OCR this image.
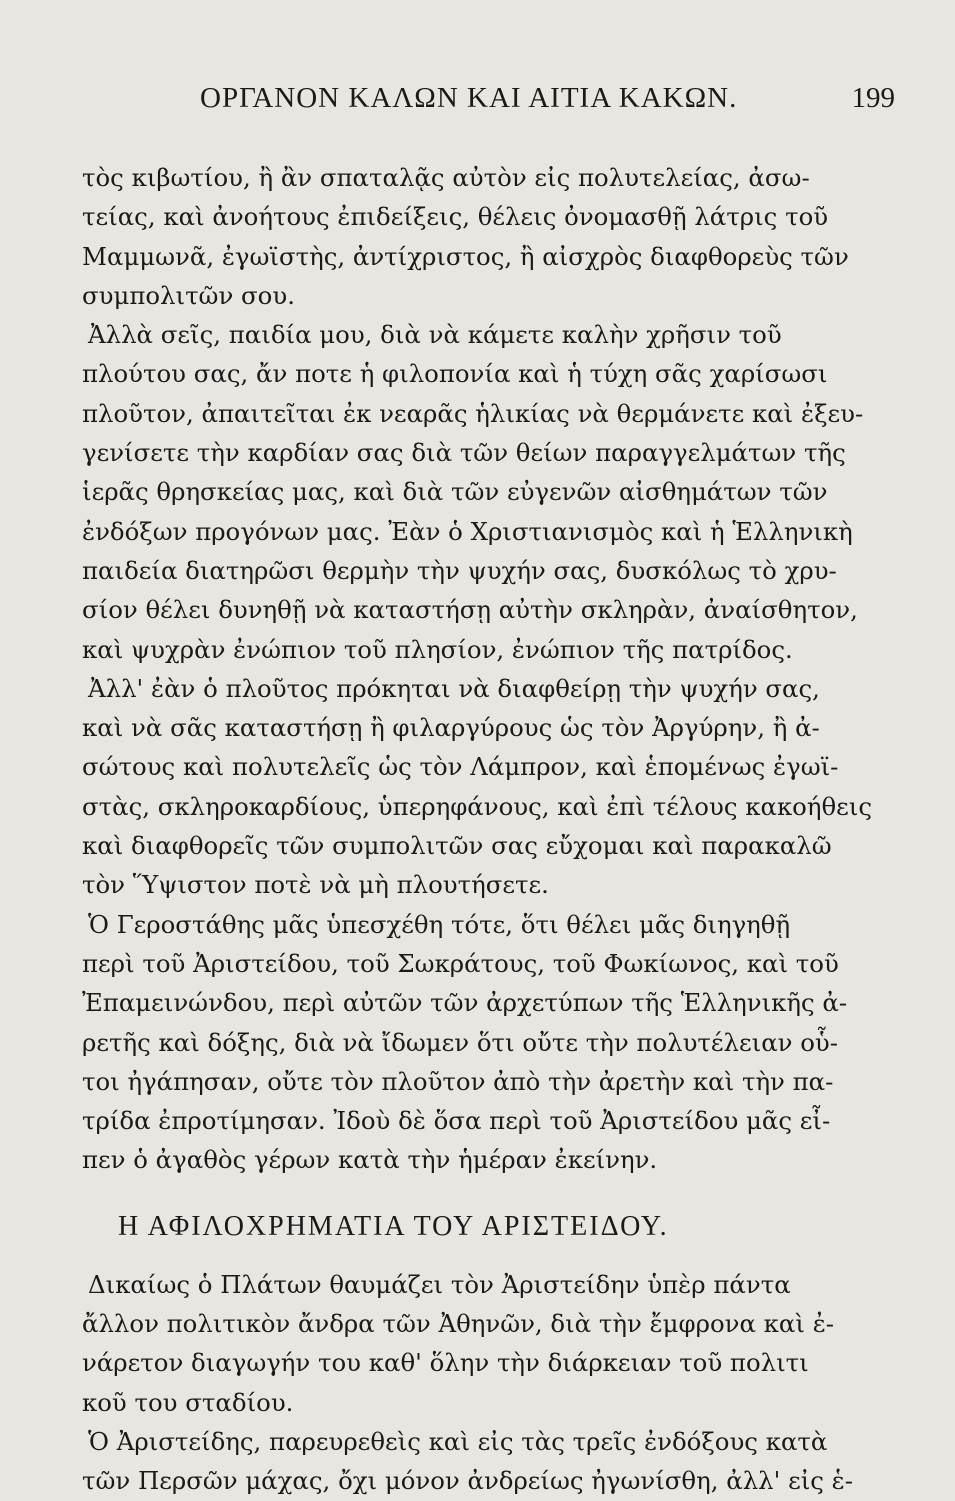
ΟΡΓΑΝΟΝ ΚΑΛΩΝ ΚΑΙ ΑΙΤΙΑ ΚΑΚΩΝ.	199
τὸς κιβωτίου, ἢ ἂν σπαταλᾷς αὐτὸν εἰς πολυτελείας, ἀσω-
τείας, καὶ ἀνοήτους ἐπιδείξεις, θέλεις ὀνομασθῇ λάτρις τοῦ
Μαμμωνᾶ, ἐγωϊστὴς, ἀντίχριστος, ἢ αἰσχρὸς διαφθορεὺς τῶν
συμπολιτῶν σου.
Ἀλλὰ σεῖς, παιδία μου, διὰ νὰ κάμετε καλὴν χρῆσιν τοῦ
πλούτου σας, ἄν ποτε ἡ φιλοπονία καὶ ἡ τύχη σᾶς χαρίσωσι
πλοῦτον, ἀπαιτεῖται ἐκ νεαρᾶς ἡλικίας νὰ θερμάνετε καὶ ἐξευ-
γενίσετε τὴν καρδίαν σας διὰ τῶν θείων παραγγελμάτων τῆς
ἱερᾶς θρησκείας μας, καὶ διὰ τῶν εὐγενῶν αἰσθημάτων τῶν
ἐνδόξων προγόνων μας. Ἐὰν ὁ Χριστιανισμὸς καὶ ἡ Ἑλληνικὴ
παιδεία διατηρῶσι θερμὴν τὴν ψυχήν σας, δυσκόλως τὸ χρυ-
σίον θέλει δυνηθῇ νὰ καταστήσῃ αὐτὴν σκληρὰν, ἀναίσθητον,
καὶ ψυχρὰν ἐνώπιον τοῦ πλησίον, ἐνώπιον τῆς πατρίδος.
Ἀλλ' ἐὰν ὁ πλοῦτος πρόκηται νὰ διαφθείρῃ τὴν ψυχήν σας,
καὶ νὰ σᾶς καταστήσῃ ἢ φιλαργύρους ὡς τὸν Ἀργύρην, ἢ ἀ-
σώτους καὶ πολυτελεῖς ὡς τὸν Λάμπρον, καὶ ἑπομένως ἐγωϊ-
στὰς, σκληροκαρδίους, ὑπερηφάνους, καὶ ἐπὶ τέλους κακοήθεις
καὶ διαφθορεῖς τῶν συμπολιτῶν σας εὔχομαι καὶ παρακαλῶ
τὸν Ὕψιστον ποτὲ νὰ μὴ πλουτήσετε.
Ὁ Γεροστάθης μᾶς ὑπεσχέθη τότε, ὅτι θέλει μᾶς διηγηθῇ
περὶ τοῦ Ἀριστείδου, τοῦ Σωκράτους, τοῦ Φωκίωνος, καὶ τοῦ
Ἐπαμεινώνδου, περὶ αὐτῶν τῶν ἀρχετύπων τῆς Ἑλληνικῆς ἀ-
ρετῆς καὶ δόξης, διὰ νὰ ἴδωμεν ὅτι οὔτε τὴν πολυτέλειαν οὗ-
τοι ἠγάπησαν, οὔτε τὸν πλοῦτον ἀπὸ τὴν ἀρετὴν καὶ τὴν πα-
τρίδα ἐπροτίμησαν. Ἰδοὺ δὲ ὅσα περὶ τοῦ Ἀριστείδου μᾶς εἶ-
πεν ὁ ἀγαθὸς γέρων κατὰ τὴν ἡμέραν ἐκείνην.
Η ΑΦΙΛΟΧΡΗΜΑΤΙΑ ΤΟΥ ΑΡΙΣΤΕΙΔΟΥ.
Δικαίως ὁ Πλάτων θαυμάζει τὸν Ἀριστείδην ὑπὲρ πάντα
ἄλλον πολιτικὸν ἄνδρα τῶν Ἀθηνῶν, διὰ τὴν ἔμφρονα καὶ ἐ-
νάρετον διαγωγήν του καθ' ὅλην τὴν διάρκειαν τοῦ πολιτι
κοῦ του σταδίου.
Ὁ Ἀριστείδης, παρευρεθεὶς καὶ εἰς τὰς τρεῖς ἐνδόξους κατὰ
τῶν Περσῶν μάχας, ὄχι μόνον ἀνδρείως ἠγωνίσθη, ἀλλ' εἰς ἑ-
